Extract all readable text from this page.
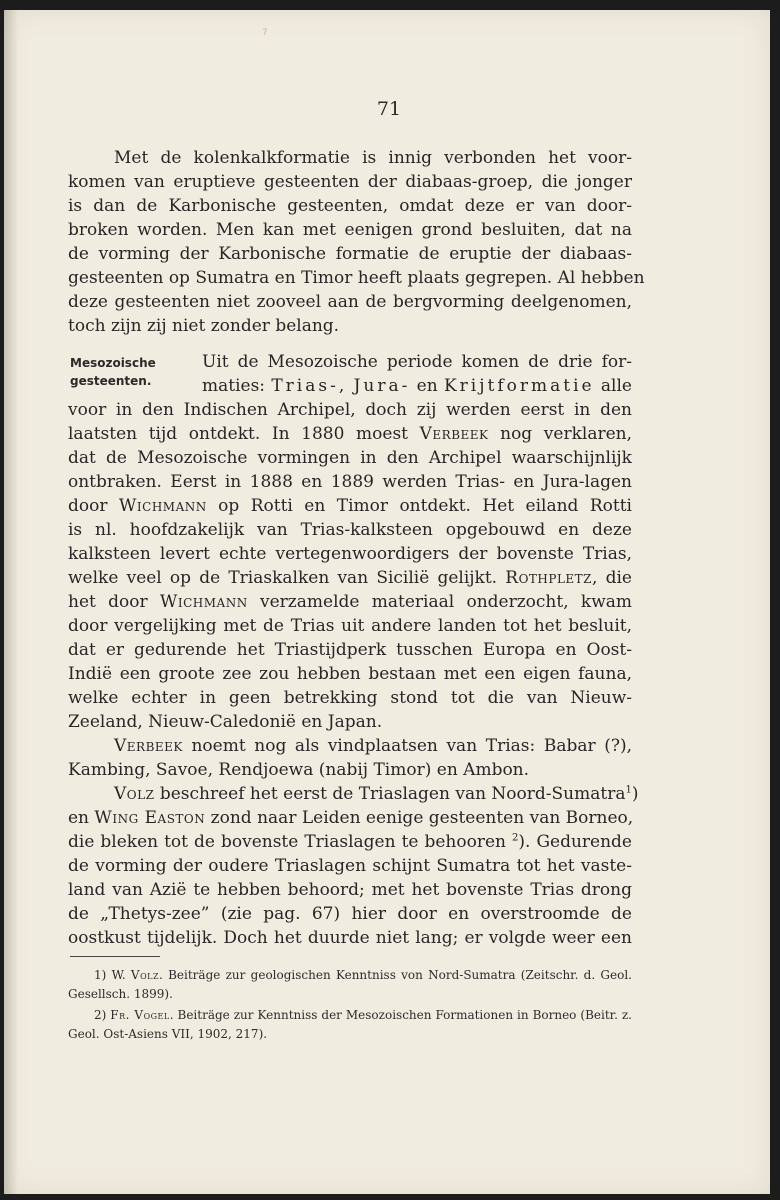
7
71
Met de kolenkalkformatie is innig verbonden het voor-
komen van eruptieve gesteenten der diabaas-groep, die jonger
is dan de Karbonische gesteenten, omdat deze er van door-
broken worden. Men kan met eenigen grond besluiten, dat na
de vorming der Karbonische formatie de eruptie der diabaas-
gesteenten op Sumatra en Timor heeft plaats gegrepen. Al hebben
deze gesteenten niet zooveel aan de bergvorming deelgenomen,
toch zijn zij niet zonder belang.
Mesozoische
gesteenten.
Uit de Mesozoische periode komen de drie for-
maties: Trias-, Jura- en Krijtformatie alle
voor in den Indischen Archipel, doch zij werden eerst in den
laatsten tijd ontdekt. In 1880 moest Verbeek nog verklaren,
dat de Mesozoische vormingen in den Archipel waarschijnlijk
ontbraken. Eerst in 1888 en 1889 werden Trias- en Jura-lagen
door Wichmann op Rotti en Timor ontdekt. Het eiland Rotti
is nl. hoofdzakelijk van Trias-kalksteen opgebouwd en deze
kalksteen levert echte vertegenwoordigers der bovenste Trias,
welke veel op de Triaskalken van Sicilië gelijkt. Rothpletz, die
het door Wichmann verzamelde materiaal onderzocht, kwam
door vergelijking met de Trias uit andere landen tot het besluit,
dat er gedurende het Triastijdperk tusschen Europa en Oost-
Indië een groote zee zou hebben bestaan met een eigen fauna,
welke echter in geen betrekking stond tot die van Nieuw-
Zeeland, Nieuw-Caledonië en Japan.
Verbeek noemt nog als vindplaatsen van Trias: Babar (?),
Kambing, Savoe, Rendjoewa (nabij Timor) en Ambon.
Volz beschreef het eerst de Triaslagen van Noord-Sumatra$^1$)
en Wing Easton zond naar Leiden eenige gesteenten van Borneo,
die bleken tot de bovenste Triaslagen te behooren $^2$). Gedurende
de vorming der oudere Triaslagen schijnt Sumatra tot het vaste-
land van Azië te hebben behoord; met het bovenste Trias drong
de „Thetys-zee” (zie pag. 67) hier door en overstroomde de
oostkust tijdelijk. Doch het duurde niet lang; er volgde weer een
1) W. Volz. Beiträge zur geologischen Kenntniss von Nord-Sumatra (Zeitschr. d. Geol.
Gesellsch. 1899).
2) Fr. Vogel. Beiträge zur Kenntniss der Mesozoischen Formationen in Borneo (Beitr. z.
Geol. Ost-Asiens VII, 1902, 217).
